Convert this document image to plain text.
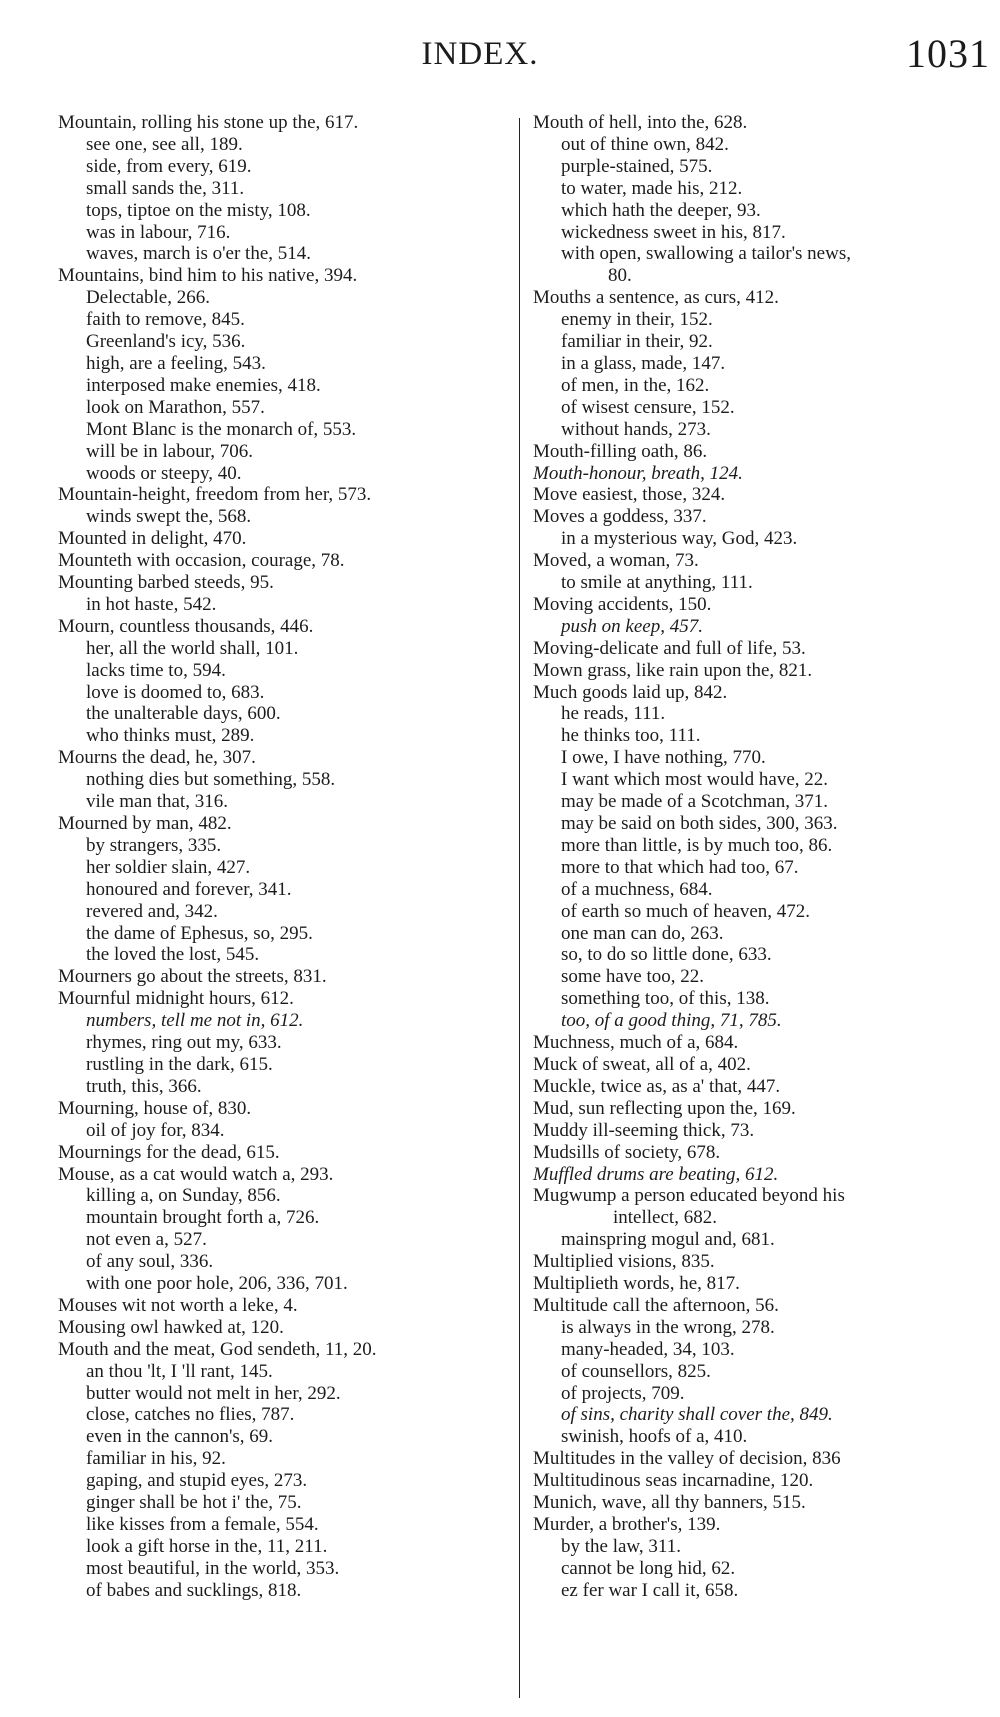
INDEX.	1031
Mountain, rolling his stone up the, 617.
see one, see all, 189.
side, from every, 619.
small sands the, 311.
tops, tiptoe on the misty, 108.
was in labour, 716.
waves, march is o'er the, 514.
Mountains, bind him to his native, 394.
Delectable, 266.
faith to remove, 845.
Greenland's icy, 536.
high, are a feeling, 543.
interposed make enemies, 418.
look on Marathon, 557.
Mont Blanc is the monarch of, 553.
will be in labour, 706.
woods or steepy, 40.
Mountain-height, freedom from her, 573.
winds swept the, 568.
Mounted in delight, 470.
Mounteth with occasion, courage, 78.
Mounting barbed steeds, 95.
in hot haste, 542.
Mourn, countless thousands, 446.
her, all the world shall, 101.
lacks time to, 594.
love is doomed to, 683.
the unalterable days, 600.
who thinks must, 289.
Mourns the dead, he, 307.
nothing dies but something, 558.
vile man that, 316.
Mourned by man, 482.
by strangers, 335.
her soldier slain, 427.
honoured and forever, 341.
revered and, 342.
the dame of Ephesus, so, 295.
the loved the lost, 545.
Mourners go about the streets, 831.
Mournful midnight hours, 612.
numbers, tell me not in, 612.
rhymes, ring out my, 633.
rustling in the dark, 615.
truth, this, 366.
Mourning, house of, 830.
oil of joy for, 834.
Mournings for the dead, 615.
Mouse, as a cat would watch a, 293.
killing a, on Sunday, 856.
mountain brought forth a, 726.
not even a, 527.
of any soul, 336.
with one poor hole, 206, 336, 701.
Mouses wit not worth a leke, 4.
Mousing owl hawked at, 120.
Mouth and the meat, God sendeth, 11, 20.
an thou 'lt, I 'll rant, 145.
butter would not melt in her, 292.
close, catches no flies, 787.
even in the cannon's, 69.
familiar in his, 92.
gaping, and stupid eyes, 273.
ginger shall be hot i' the, 75.
like kisses from a female, 554.
look a gift horse in the, 11, 211.
most beautiful, in the world, 353.
of babes and sucklings, 818.
Mouth of hell, into the, 628.
out of thine own, 842.
purple-stained, 575.
to water, made his, 212.
which hath the deeper, 93.
wickedness sweet in his, 817.
with open, swallowing a tailor's news,
80.
Mouths a sentence, as curs, 412.
enemy in their, 152.
familiar in their, 92.
in a glass, made, 147.
of men, in the, 162.
of wisest censure, 152.
without hands, 273.
Mouth-filling oath, 86.
Mouth-honour, breath, 124.
Move easiest, those, 324.
Moves a goddess, 337.
in a mysterious way, God, 423.
Moved, a woman, 73.
to smile at anything, 111.
Moving accidents, 150.
push on keep, 457.
Moving-delicate and full of life, 53.
Mown grass, like rain upon the, 821.
Much goods laid up, 842.
he reads, 111.
he thinks too, 111.
I owe, I have nothing, 770.
I want which most would have, 22.
may be made of a Scotchman, 371.
may be said on both sides, 300, 363.
more than little, is by much too, 86.
more to that which had too, 67.
of a muchness, 684.
of earth so much of heaven, 472.
one man can do, 263.
so, to do so little done, 633.
some have too, 22.
something too, of this, 138.
too, of a good thing, 71, 785.
Muchness, much of a, 684.
Muck of sweat, all of a, 402.
Muckle, twice as, as a' that, 447.
Mud, sun reflecting upon the, 169.
Muddy ill-seeming thick, 73.
Mudsills of society, 678.
Muffled drums are beating, 612.
Mugwump a person educated beyond his
intellect, 682.
mainspring mogul and, 681.
Multiplied visions, 835.
Multiplieth words, he, 817.
Multitude call the afternoon, 56.
is always in the wrong, 278.
many-headed, 34, 103.
of counsellors, 825.
of projects, 709.
of sins, charity shall cover the, 849.
swinish, hoofs of a, 410.
Multitudes in the valley of decision, 836
Multitudinous seas incarnadine, 120.
Munich, wave, all thy banners, 515.
Murder, a brother's, 139.
by the law, 311.
cannot be long hid, 62.
ez fer war I call it, 658.
